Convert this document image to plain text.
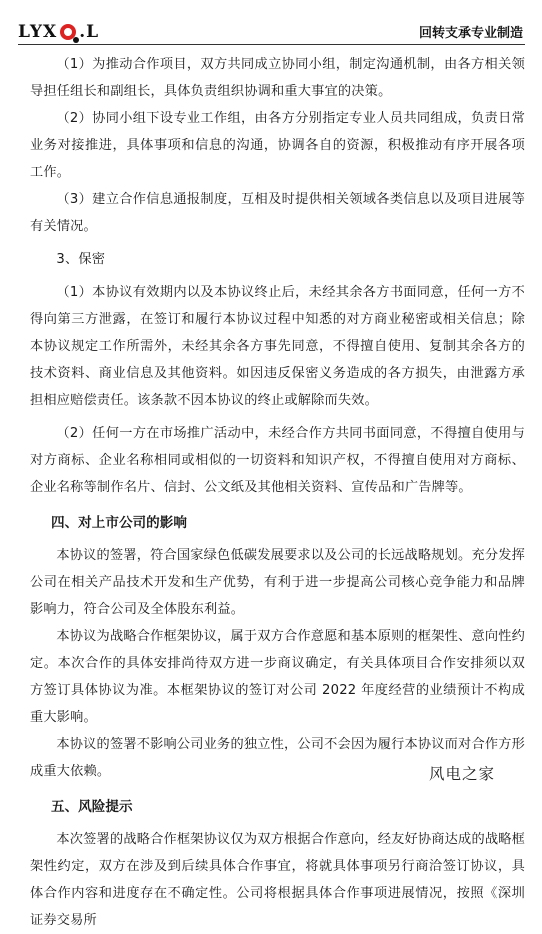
LYX .L	回转支承专业制造

（1）为推动合作项目，双方共同成立协同小组，制定沟通机制，由各方相关领导担任组长和副组长，具体负责组织协调和重大事宜的决策。

（2）协同小组下设专业工作组，由各方分别指定专业人员共同组成，负责日常业务对接推进，具体事项和信息的沟通，协调各自的资源，积极推动有序开展各项工作。

（3）建立合作信息通报制度，互相及时提供相关领域各类信息以及项目进展等有关情况。

3、保密

（1）本协议有效期内以及本协议终止后，未经其余各方书面同意，任何一方不得向第三方泄露，在签订和履行本协议过程中知悉的对方商业秘密或相关信息；除本协议规定工作所需外，未经其余各方事先同意，不得擅自使用、复制其余各方的技术资料、商业信息及其他资料。如因违反保密义务造成的各方损失，由泄露方承担相应赔偿责任。该条款不因本协议的终止或解除而失效。

（2）任何一方在市场推广活动中，未经合作方共同书面同意，不得擅自使用与对方商标、企业名称相同或相似的一切资料和知识产权，不得擅自使用对方商标、企业名称等制作名片、信封、公文纸及其他相关资料、宣传品和广告牌等。

四、对上市公司的影响

本协议的签署，符合国家绿色低碳发展要求以及公司的长远战略规划。充分发挥公司在相关产品技术开发和生产优势，有利于进一步提高公司核心竞争能力和品牌影响力，符合公司及全体股东利益。

本协议为战略合作框架协议，属于双方合作意愿和基本原则的框架性、意向性约定。本次合作的具体安排尚待双方进一步商议确定，有关具体项目合作安排须以双方签订具体协议为准。本框架协议的签订对公司 2022 年度经营的业绩预计不构成重大影响。

本协议的签署不影响公司业务的独立性，公司不会因为履行本协议而对合作方形成重大依赖。

五、风险提示

本次签署的战略合作框架协议仅为双方根据合作意向，经友好协商达成的战略框架性约定，双方在涉及到后续具体合作事宜，将就具体事项另行商洽签订协议，具体合作内容和进度存在不确定性。公司将根据具体合作事项进展情况，按照《深圳证券交易所

风电之家
